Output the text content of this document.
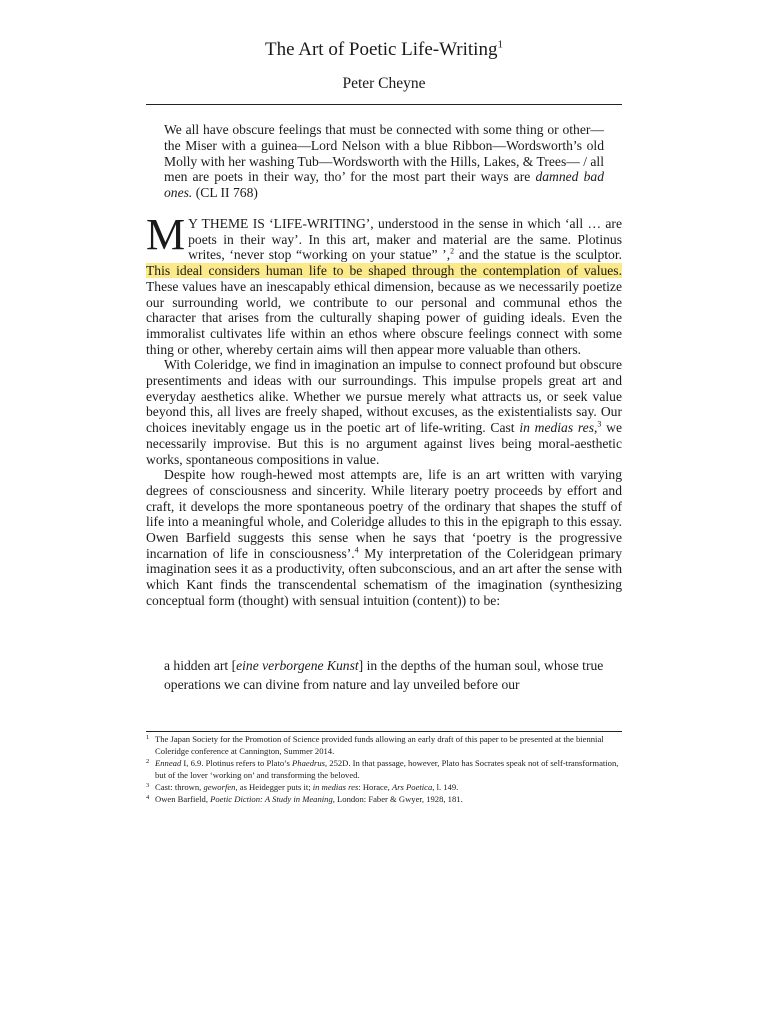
The Art of Poetic Life-Writing$^1$
Peter Cheyne
We all have obscure feelings that must be connected with some thing or other—the Miser with a guinea—Lord Nelson with a blue Ribbon—Wordsworth’s old Molly with her washing Tub—Wordsworth with the Hills, Lakes, & Trees— / all men are poets in their way, tho’ for the most part their ways are damned bad ones. (CL II 768)

M Y THEME IS ‘LIFE-WRITING’, understood in the sense in which ‘all … are poets in their way’. In this art, maker and material are the same. Plotinus writes, ‘never stop “working on your statue” ’,$^2$ and the statue is the sculptor. This ideal considers human life to be shaped through the contemplation of values. These values have an inescapably ethical dimension, because as we necessarily poetize our surrounding world, we contribute to our personal and communal ethos the character that arises from the culturally shaping power of guiding ideals. Even the immoralist cultivates life within an ethos where obscure feelings connect with some thing or other, whereby certain aims will then appear more valuable than others.

With Coleridge, we find in imagination an impulse to connect profound but obscure presentiments and ideas with our surroundings. This impulse propels great art and everyday aesthetics alike. Whether we pursue merely what attracts us, or seek value beyond this, all lives are freely shaped, without excuses, as the existentialists say. Our choices inevitably engage us in the poetic art of life-writing. Cast in medias res,$^3$ we necessarily improvise. But this is no argument against lives being moral-aesthetic works, spontaneous compositions in value.

Despite how rough-hewed most attempts are, life is an art written with varying degrees of consciousness and sincerity. While literary poetry proceeds by effort and craft, it develops the more spontaneous poetry of the ordinary that shapes the stuff of life into a meaningful whole, and Coleridge alludes to this in the epigraph to this essay. Owen Barfield suggests this sense when he says that ‘poetry is the progressive incarnation of life in consciousness’.$^4$ My interpretation of the Coleridgean primary imagination sees it as a productivity, often subconscious, and an art after the sense with which Kant finds the transcendental schematism of the imagination (synthesizing conceptual form (thought) with sensual intuition (content)) to be:

a hidden art [eine verborgene Kunst] in the depths of the human soul, whose true operations we can divine from nature and lay unveiled before our
1 The Japan Society for the Promotion of Science provided funds allowing an early draft of this paper to be presented at the biennial Coleridge conference at Cannington, Summer 2014.
2 Ennead I, 6.9. Plotinus refers to Plato’s Phaedrus, 252D. In that passage, however, Plato has Socrates speak not of self-transformation, but of the lover ‘working on’ and transforming the beloved.
3 Cast: thrown, geworfen, as Heidegger puts it; in medias res: Horace, Ars Poetica, l. 149.
4 Owen Barfield, Poetic Diction: A Study in Meaning, London: Faber & Gwyer, 1928, 181.
